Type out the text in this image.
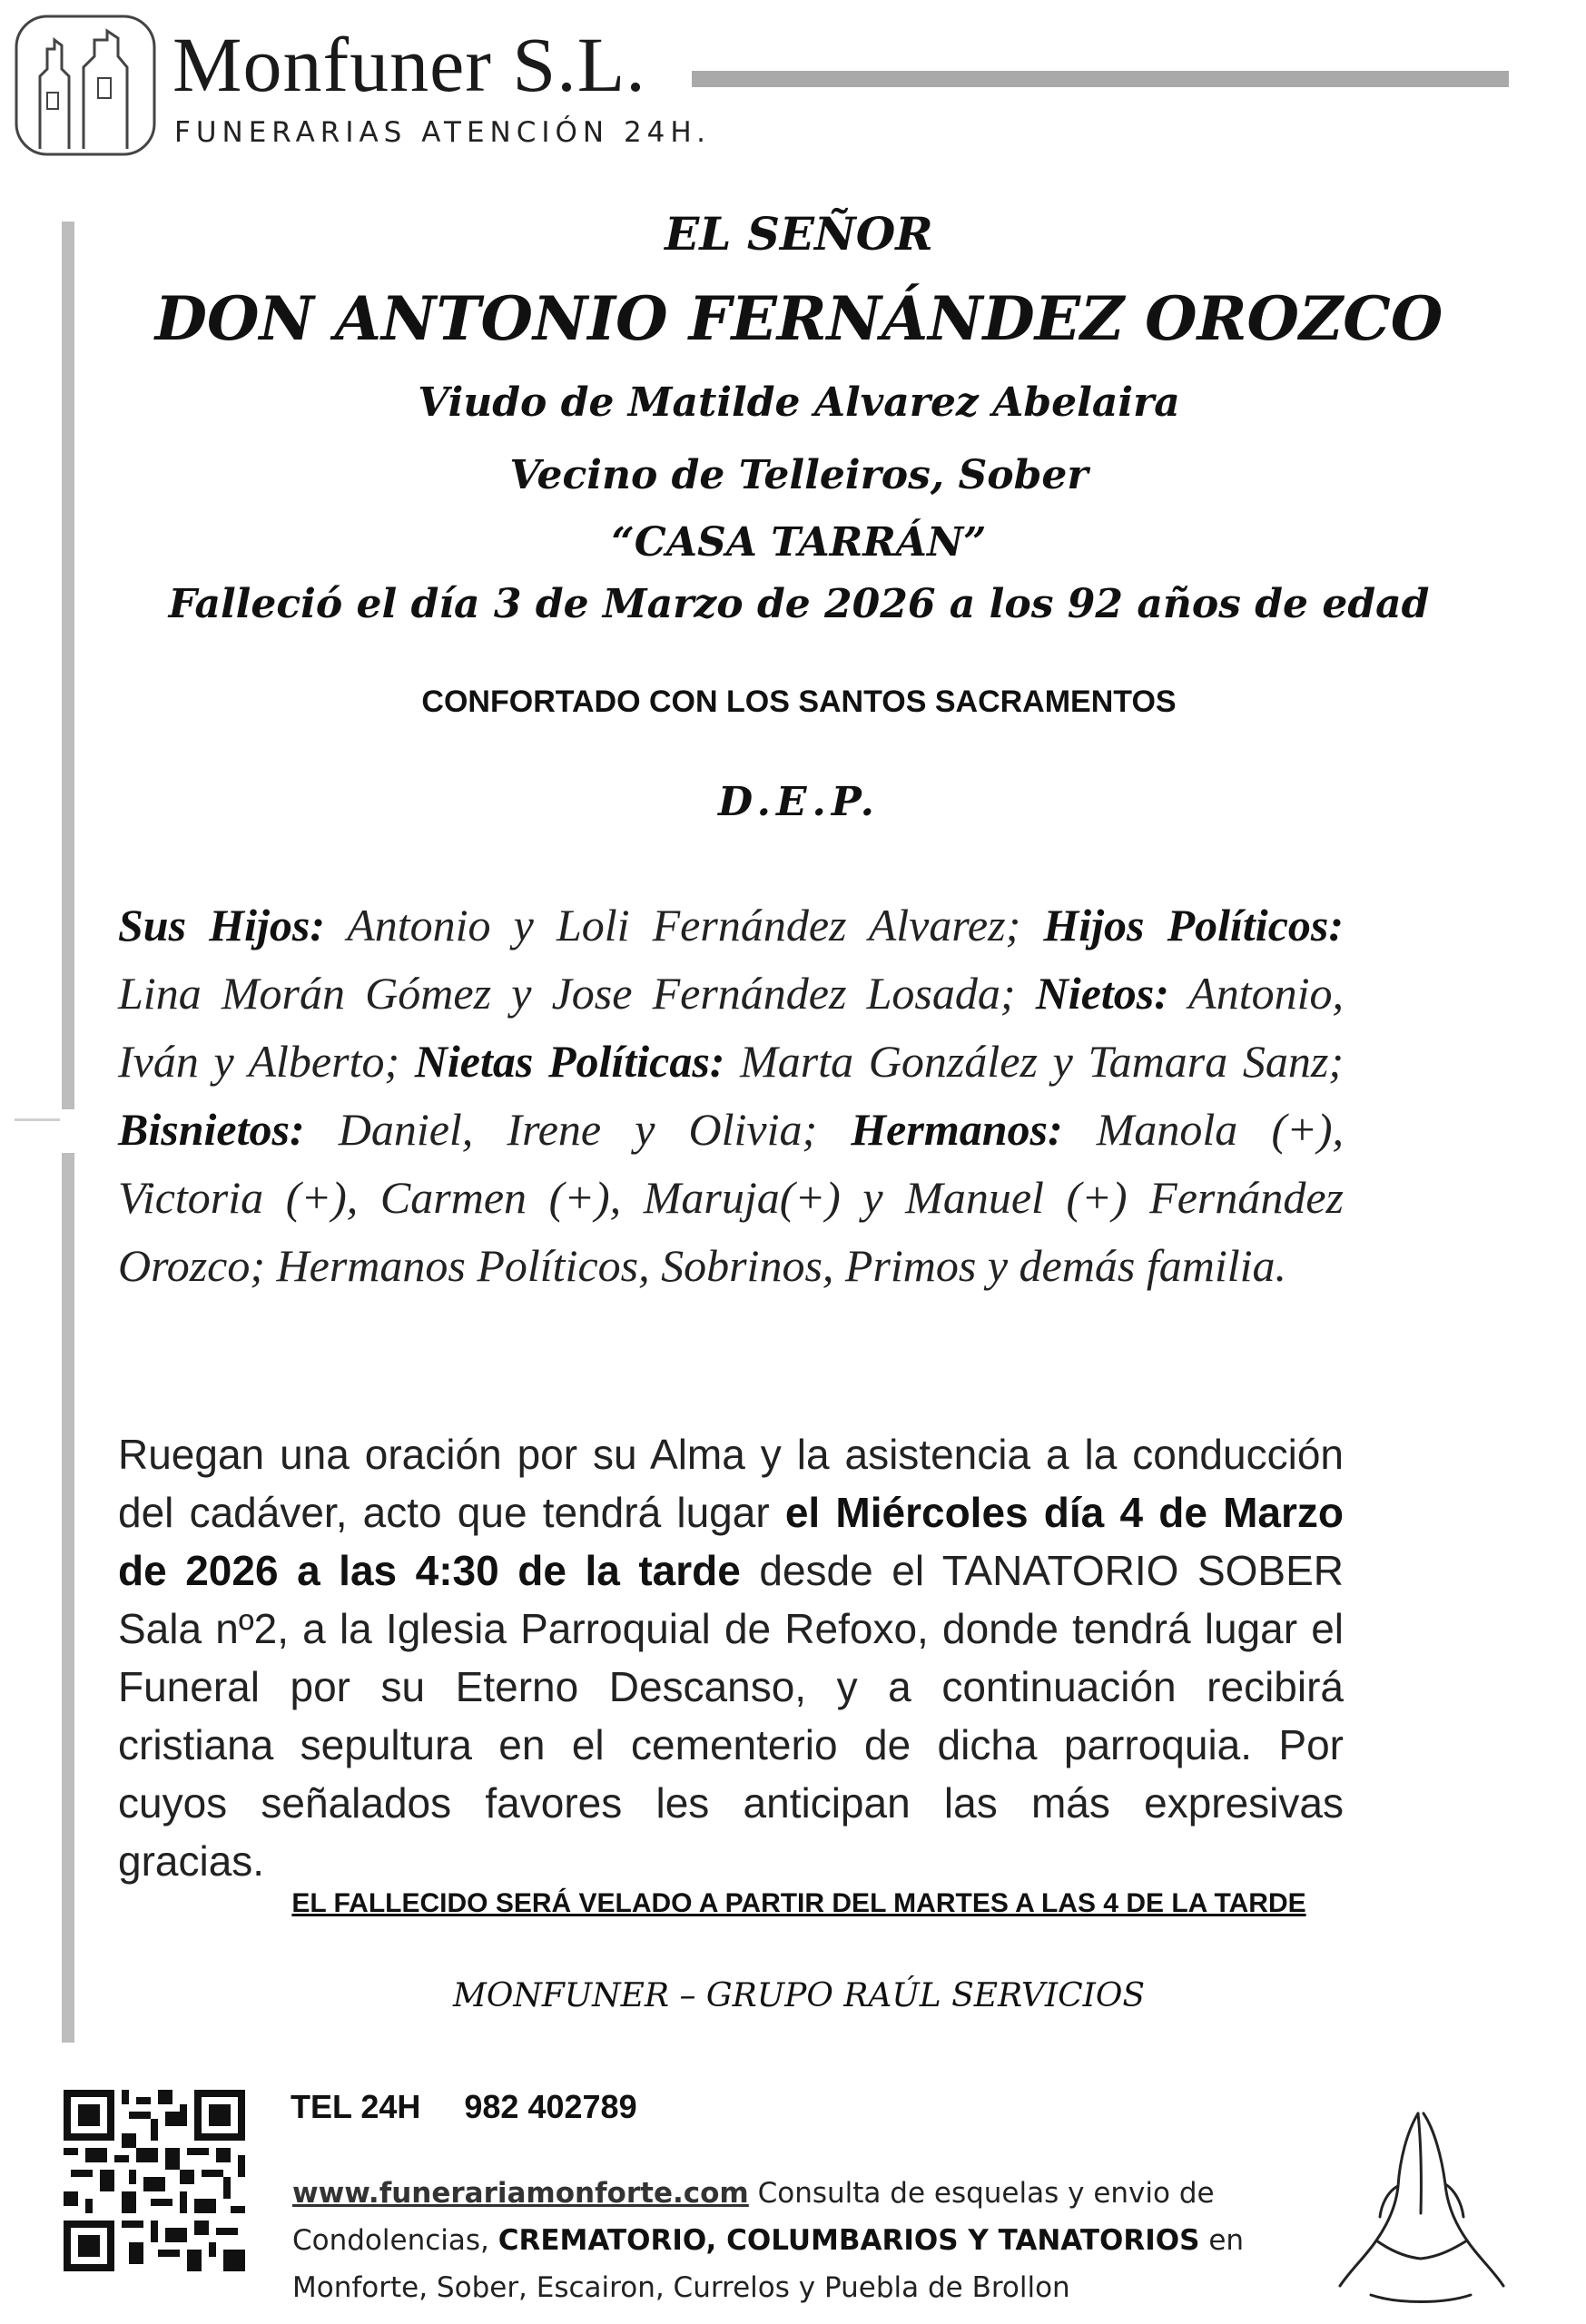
Monfuner S.L.
FUNERARIAS ATENCIÓN 24H.
EL SEÑOR
DON ANTONIO FERNÁNDEZ OROZCO
Viudo de Matilde Alvarez Abelaira
Vecino de Telleiros, Sober
“CASA TARRÁN”
Falleció el día 3 de Marzo de 2026 a los 92 años de edad
CONFORTADO CON LOS SANTOS SACRAMENTOS
D.E.P.
Sus Hijos: Antonio y Loli Fernández Alvarez; Hijos Políticos: Lina Morán Gómez y Jose Fernández Losada; Nietos: Antonio, Iván y Alberto; Nietas Políticas: Marta González y Tamara Sanz; Bisnietos: Daniel, Irene y Olivia; Hermanos: Manola (+), Victoria (+), Carmen (+), Maruja(+) y Manuel (+) Fernández Orozco; Hermanos Políticos, Sobrinos, Primos y demás familia.
Ruegan una oración por su Alma y la asistencia a la conducción del cadáver, acto que tendrá lugar el Miércoles día 4 de Marzo de 2026 a las 4:30 de la tarde desde el TANATORIO SOBER Sala nº2, a la Iglesia Parroquial de Refoxo, donde tendrá lugar el Funeral por su Eterno Descanso, y a continuación recibirá cristiana sepultura en el cementerio de dicha parroquia. Por cuyos señalados favores les anticipan las más expresivas gracias.
EL FALLECIDO SERÁ VELADO A PARTIR DEL MARTES A LAS 4 DE LA TARDE
MONFUNER – GRUPO RAÚL SERVICIOS
TEL 24H 982 402789
www.funerariamonforte.com Consulta de esquelas y envio de Condolencias, CREMATORIO, COLUMBARIOS Y TANATORIOS en Monforte, Sober, Escairon, Currelos y Puebla de Brollon
